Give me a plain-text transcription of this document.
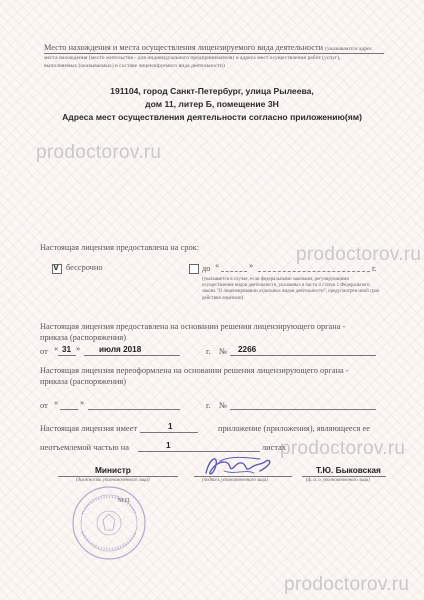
Место нахождения и места осуществления лицензируемого вида деятельности (указываются адрес
места нахождения (место жительства - для индивидуального предпринимателя) и адреса мест осуществления работ (услуг),
выполняемых (оказываемых) в составе лицензируемого вида деятельности)
191104, город Санкт-Петербург, улица Рылеева,
дом 11, литер Б, помещение 3Н
Адреса мест осуществления деятельности согласно приложению(ям)
prodoctorov.ru
prodoctorov.ru
prodoctorov.ru
prodoctorov.ru
Настоящая лицензия предоставлена на срок:
v бессрочно	до «	»	г.
(указывается в случае, если федеральными законами, регулирующими осуществление видов деятельности, указанных в части 4 статьи 1 Федерального закона "О лицензировании отдельных видов деятельности", предусмотрен иной срок действия лицензии)
Настоящая лицензия предоставлена на основании решения лицензирующего органа -
приказа (распоряжения)
от « 31 » июля 2018	г. № 2266
Настоящая лицензия переоформлена на основании решения лицензирующего органа -
приказа (распоряжения)
от «	»	г. №
Настоящая лицензия имеет	1	приложение (приложения), являющееся ее
неотъемлемой частью на	1	листах
Министр
(должность уполномоченного лица)	(подпись уполномоченного лица)
Т.Ю. Быковская
(ф. и. о. уполномоченного лица)
М.П.
